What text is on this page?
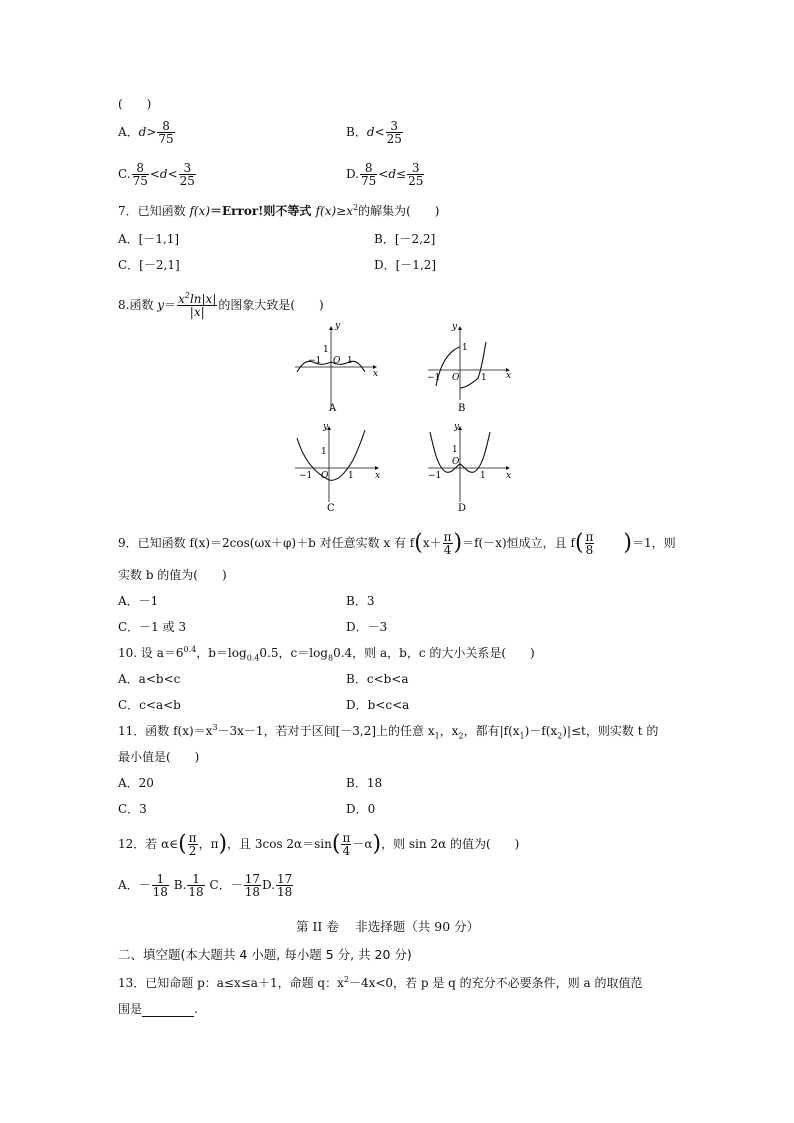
(　　)
A．$d> \frac{8}{75}$	B．$d< \frac{3}{25}$
C. $\frac{8}{75} <d< \frac{3}{25}$	D. $\frac{8}{75} <d\le \frac{3}{25}$
7．已知函数 f(x)＝Error!则不等式 $f(x)\ge x^2$的解集为(　　)
A．[－1,1]	B．[－2,2]
C．[－2,1]	D．[－1,2]
8.函数 $y= \frac{x^2\ln|x|}{|x|}$ 的图象大致是(　　)
y
x
O
−1	1
1
A
y
x
O
−1	1
1
B
y
x
O
−1	1
1
C
y
x
O
−1	1
1
D
9．已知函数 f(x)＝2cos(ωx＋φ)＋b 对任意实数 x 有 $f(x+ \frac{\pi}{4} )=f(-x)$恒成立，且 $f( \frac{\pi}{8} )=1$，则
实数 b 的值为(　　)
A．－1	B．3
C．－1 或 3	D．－3
10. 设 $a=6^{0.4}$，$b=\log_{0.4}0.5$，$c=\log_80.4$，则 a，b，c 的大小关系是(　　)
A．a<b<c	B．c<b<a
C．c<a<b	D．b<c<a
11．函数 $f(x)=x^3-3x-1$，若对于区间[－3,2]上的任意 $x_1$，$x_2$，都有$|f(x_1)-f(x_2)|\le t$，则实数 t 的
最小值是(　　)
A．20	B．18
C．3	D．0
12．若 α∈( $\frac{\pi}{2}$ ，π)，且 3cos $2\alpha=\sin( \frac{\pi}{4} -\alpha)$，则 sin 2α 的值为(　　)
A．－ $\frac{1}{18} B$. $\frac{1}{18}$ C．－ $\frac{17}{18} D$. $\frac{17}{18}$
第 II 卷　 非选择题（共 90 分）
二、填空题(本大题共 4 小题, 每小题 5 分, 共 20 分)
13．已知命题 p：a≤x≤a＋1，命题 q：$x^2-4x<0$，若 p 是 q 的充分不必要条件，则 a 的取值范
围是	.
